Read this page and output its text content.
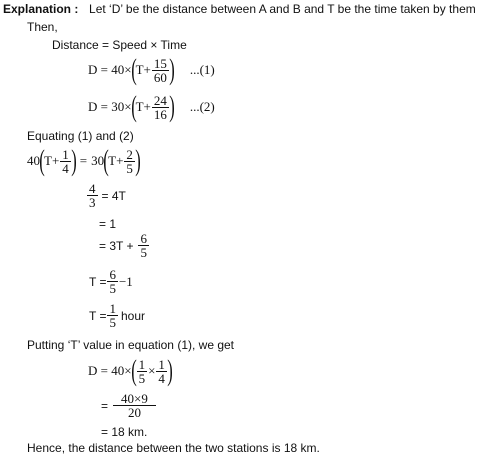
Explanation : Let ‘D’ be the distance between A and B and T be the time taken by them
Then,
Distance = Speed × Time
D = 40× ( $T+ \frac{15}{60}$ ) ...(1)
D = 30× ( $T+ \frac{24}{16}$ ) ...(2)
Equating (1) and (2)
40 ( $T+ \frac{1}{4}$ ) = 30 ( $T+ \frac{2}{5}$ )
$\frac{4}{3} = 4T$
= 1
= $3T + \frac{6}{5}$
$T = \frac{6}{5} -1$
$T = \frac{1}{5}$ hour
Putting ‘T’ value in equation (1), we get
D = 40× ( $\frac{1}{5} \times \frac{1}{4}$ )
= $\frac{40\times 9}{20}$
= 18 km.
Hence, the distance between the two stations is 18 km.
